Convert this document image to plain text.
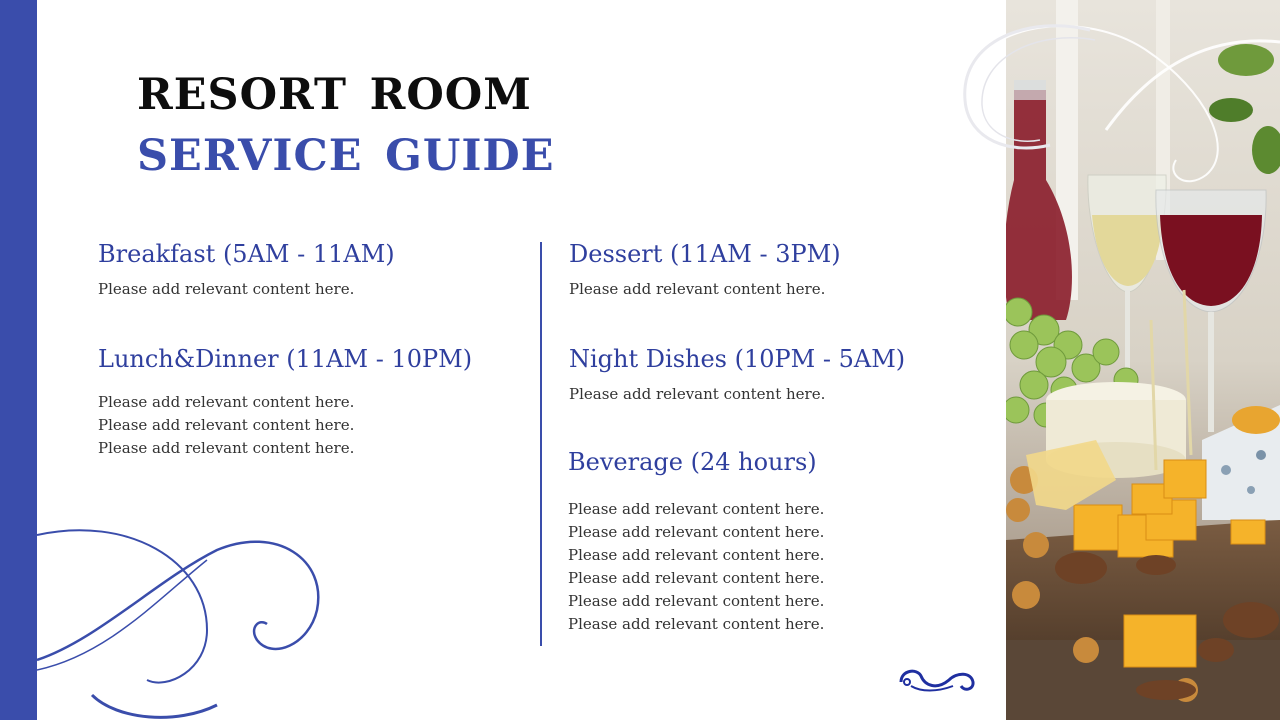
resort room
service guide
Breakfast (5AM - 11AM)
Please add relevant content here.
Lunch&Dinner (11AM - 10PM)
Please add relevant content here.
Please add relevant content here.
Please add relevant content here.
Dessert (11AM - 3PM)
Please add relevant content here.
Night Dishes (10PM - 5AM)
Please add relevant content here.
Beverage (24 hours)
Please add relevant content here.
Please add relevant content here.
Please add relevant content here.
Please add relevant content here.
Please add relevant content here.
Please add relevant content here.
